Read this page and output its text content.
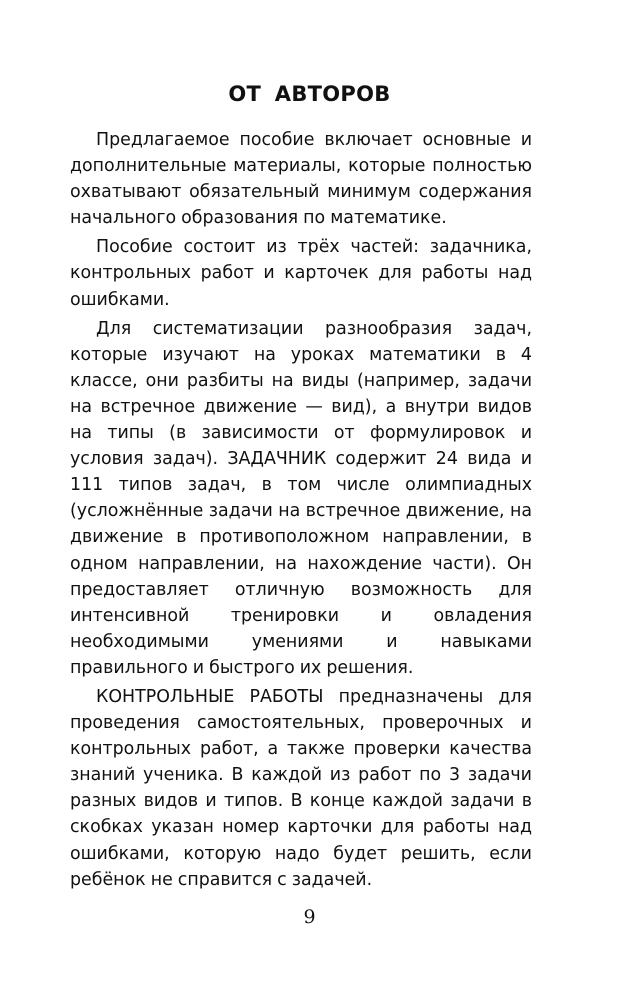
ОТ АВТОРОВ

Предлагаемое пособие включает основные и дополнительные материалы, которые полностью охватывают обязательный минимум содержания начального образования по математике.

Пособие состоит из трёх частей: задачника, контрольных работ и карточек для работы над ошибками.

Для систематизации разнообразия задач, которые изучают на уроках математики в 4 классе, они разбиты на виды (например, задачи на встречное движение — вид), а внутри видов на типы (в зависимости от формулировок и условия задач). ЗАДАЧНИК содержит 24 вида и 111 типов задач, в том числе олимпиадных (усложнённые задачи на встречное движение, на движение в противоположном направлении, в одном направлении, на нахождение части). Он предоставляет отличную возможность для интенсивной тренировки и овладения необходимыми умениями и навыками правильного и быстрого их решения.

КОНТРОЛЬНЫЕ РАБОТЫ предназначены для проведения самостоятельных, проверочных и контрольных работ, а также проверки качества знаний ученика. В каждой из работ по 3 задачи разных видов и типов. В конце каждой задачи в скобках указан номер карточки для работы над ошибками, которую надо будет решить, если ребёнок не справится с задачей.

9
